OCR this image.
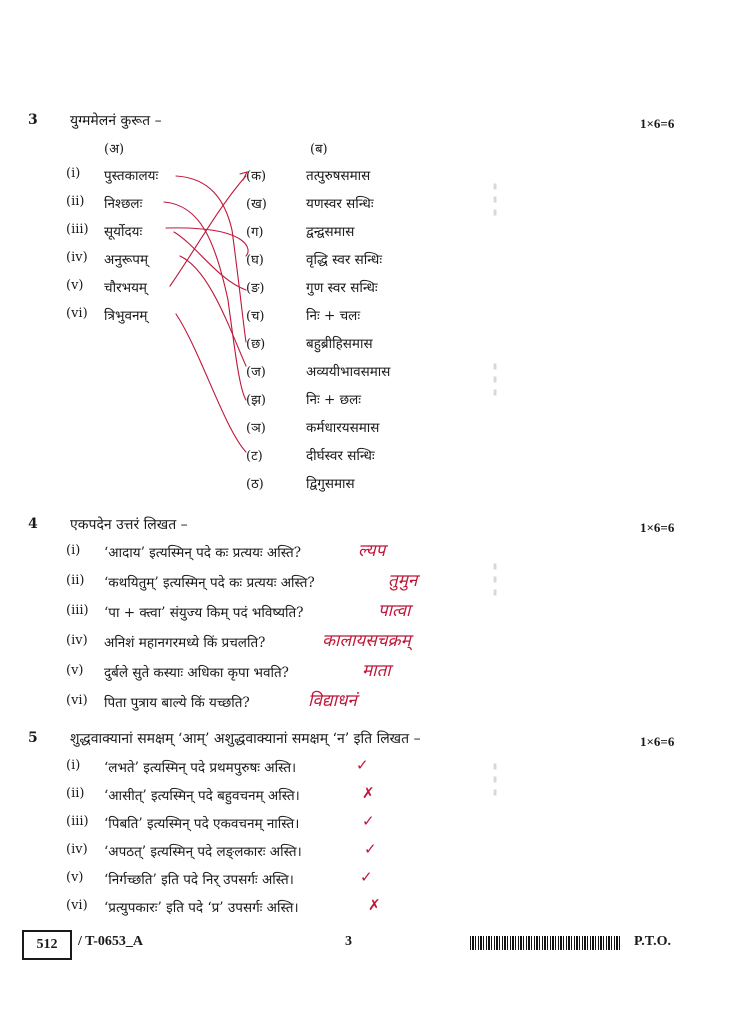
3 युग्ममेलनं कुरूत –	1×6=6
(अ)	(ब)
(i) पुस्तकालयः
(ii) निश्छलः
(iii) सूर्योदयः
(iv) अनुरूपम्
(v) चौरभयम्
(vi) त्रिभुवनम्
(क)	तत्पुरुषसमास
(ख)	यणस्वर सन्धिः
(ग)	द्वन्द्वसमास
(घ)	वृद्धि स्वर सन्धिः
(ङ)	गुण स्वर सन्धिः
(च)	निः + चलः
(छ)	बहुब्रीहिसमास
(ज)	अव्ययीभावसमास
(झ)	निः + छलः
(ञ)	कर्मधारयसमास
(ट)	दीर्घस्वर सन्धिः
(ठ)	द्विगुसमास
4 एकपदेन उत्तरं लिखत –	1×6=6
(i) ‘आदाय’ इत्यस्मिन् पदे कः प्रत्ययः अस्ति?	ल्यप
(ii) ‘कथयितुम्’ इत्यस्मिन् पदे कः प्रत्ययः अस्ति?	तुमुन
(iii) ‘पा + क्त्वा’ संयुज्य किम् पदं भविष्यति?	पात्वा
(iv) अनिशं महानगरमध्ये किं प्रचलति?	कालायसचक्रम्
(v) दुर्बले सुते कस्याः अधिका कृपा भवति?	माता
(vi) पिता पुत्राय बाल्ये किं यच्छति?	विद्याधनं
5 शुद्धवाक्यानां समक्षम् ‘आम्’ अशुद्धवाक्यानां समक्षम् ‘न’ इति लिखत –	1×6=6
(i) ‘लभते’ इत्यस्मिन् पदे प्रथमपुरुषः अस्ति।	✓
(ii) ‘आसीत्’ इत्यस्मिन् पदे बहुवचनम् अस्ति।	✗
(iii) ‘पिबति’ इत्यस्मिन् पदे एकवचनम् नास्ति।	✓
(iv) ‘अपठत्’ इत्यस्मिन् पदे लङ्लकारः अस्ति।	✓
(v) ‘निर्गच्छति’ इति पदे निर् उपसर्गः अस्ति।	✓
(vi) ‘प्रत्युपकारः’ इति पदे ‘प्र’ उपसर्गः अस्ति।	✗
▮
▮
▮
▮
▮
▮
▮
▮
▮
▮
▮
▮
512	/ T-0653_A	3	P.T.O.
